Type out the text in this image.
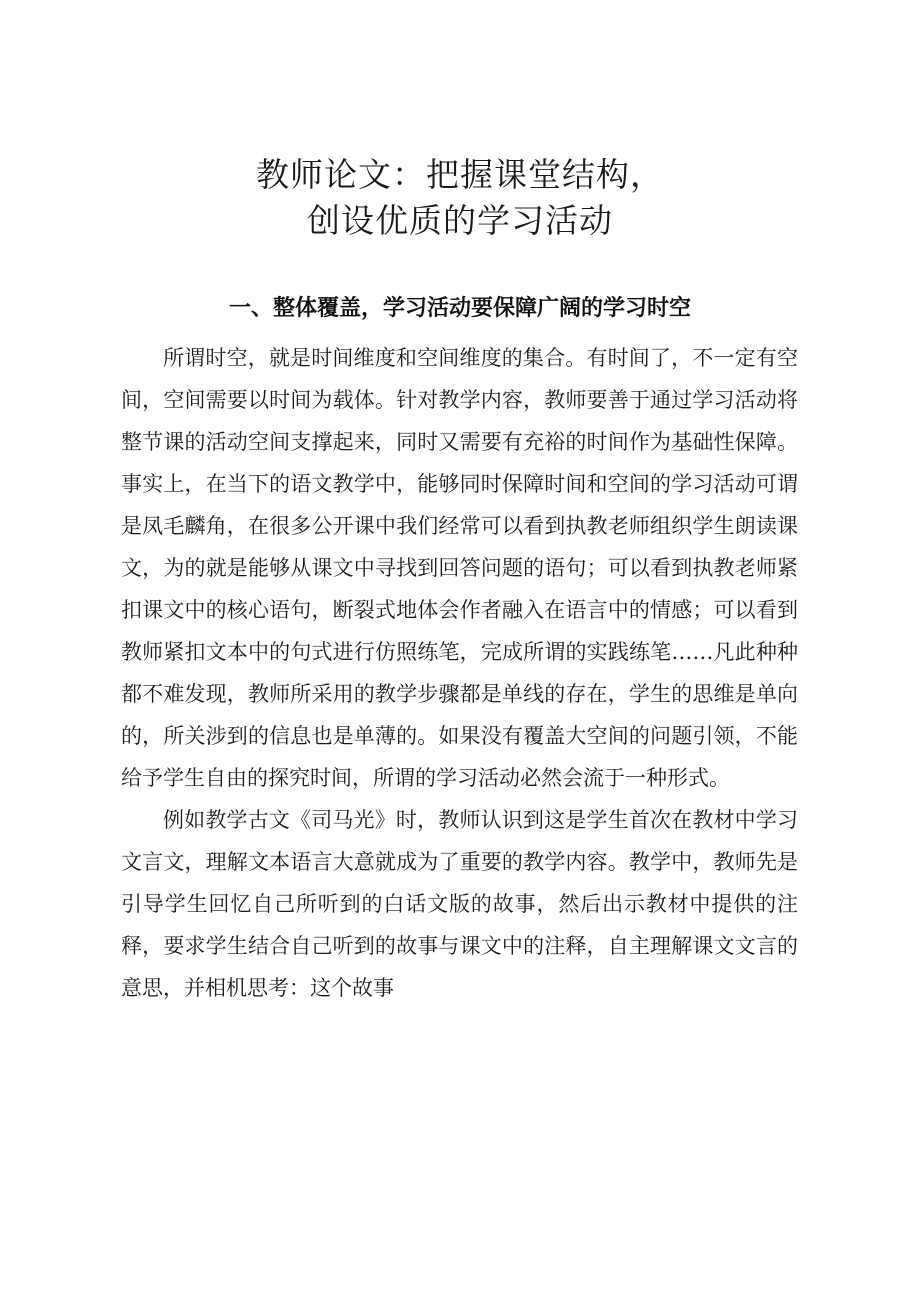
教师论文：把握课堂结构，
创设优质的学习活动
一、整体覆盖，学习活动要保障广阔的学习时空

所谓时空，就是时间维度和空间维度的集合。有时间了，不一定有空间，空间需要以时间为载体。针对教学内容，教师要善于通过学习活动将整节课的活动空间支撑起来，同时又需要有充裕的时间作为基础性保障。事实上，在当下的语文教学中，能够同时保障时间和空间的学习活动可谓是凤毛麟角，在很多公开课中我们经常可以看到执教老师组织学生朗读课文，为的就是能够从课文中寻找到回答问题的语句；可以看到执教老师紧扣课文中的核心语句，断裂式地体会作者融入在语言中的情感；可以看到教师紧扣文本中的句式进行仿照练笔，完成所谓的实践练笔……凡此种种都不难发现，教师所采用的教学步骤都是单线的存在，学生的思维是单向的，所关涉到的信息也是单薄的。如果没有覆盖大空间的问题引领，不能给予学生自由的探究时间，所谓的学习活动必然会流于一种形式。

例如教学古文《司马光》时，教师认识到这是学生首次在教材中学习文言文，理解文本语言大意就成为了重要的教学内容。教学中，教师先是引导学生回忆自己所听到的白话文版的故事，然后出示教材中提供的注释，要求学生结合自己听到的故事与课文中的注释，自主理解课文文言的意思，并相机思考：这个故事
